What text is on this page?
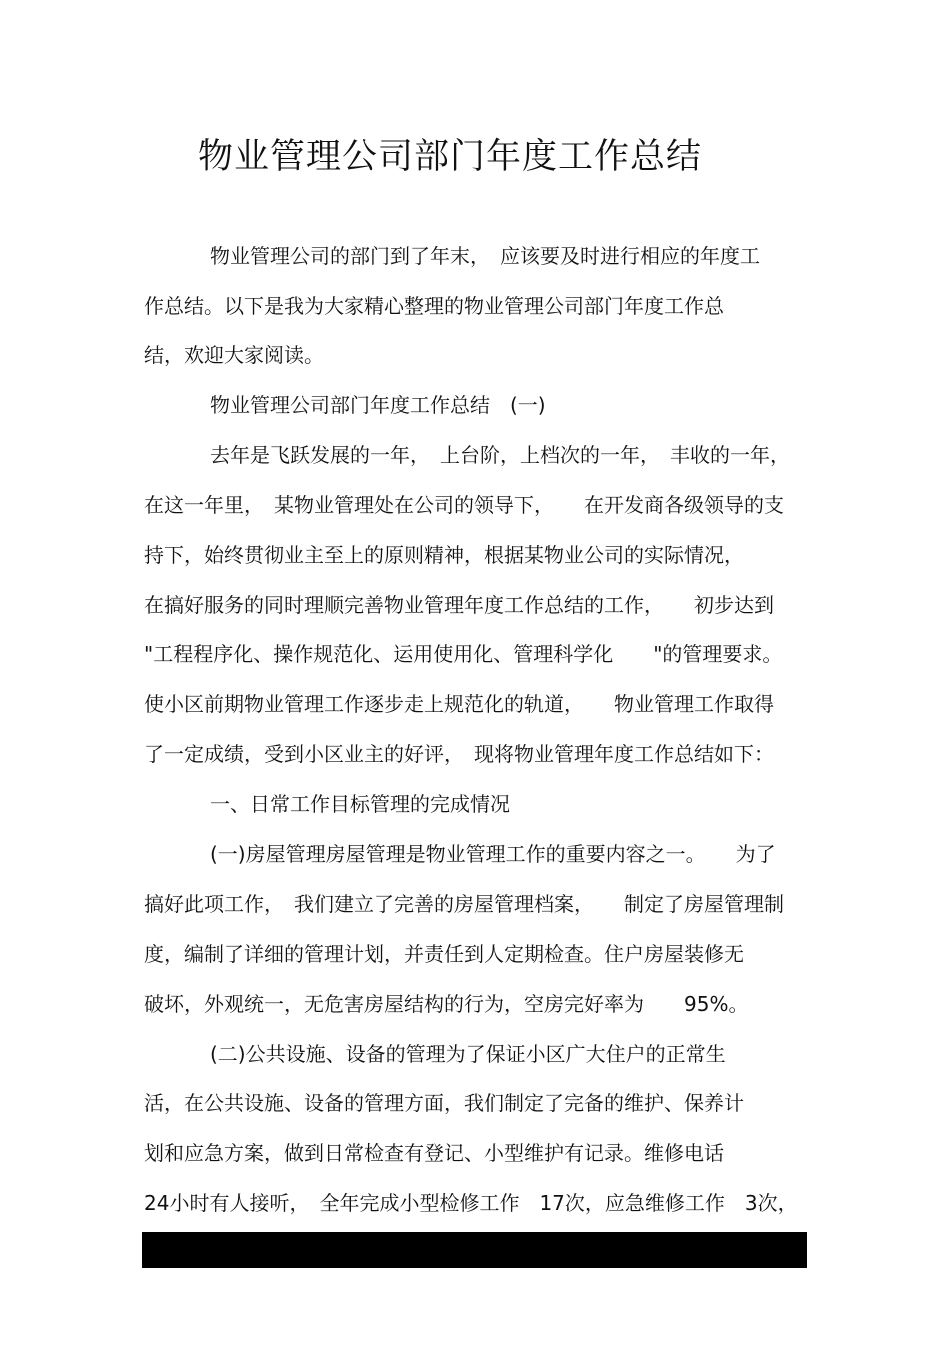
物业管理公司部门年度工作总结

物业管理公司的部门到了年末，　应该要及时进行相应的年度工

作总结。以下是我为大家精心整理的物业管理公司部门年度工作总

结，欢迎大家阅读。

物业管理公司部门年度工作总结　(一)

去年是飞跃发展的一年，　上台阶，上档次的一年，　丰收的一年，

在这一年里，　某物业管理处在公司的领导下，　　在开发商各级领导的支

持下，始终贯彻业主至上的原则精神，根据某物业公司的实际情况，

在搞好服务的同时理顺完善物业管理年度工作总结的工作，　　初步达到

"工程程序化、操作规范化、运用使用化、管理科学化　　"的管理要求。

使小区前期物业管理工作逐步走上规范化的轨道，　　物业管理工作取得

了一定成绩，受到小区业主的好评，　现将物业管理年度工作总结如下：

一、日常工作目标管理的完成情况

(一)房屋管理房屋管理是物业管理工作的重要内容之一。　　为了

搞好此项工作，　我们建立了完善的房屋管理档案，　　制定了房屋管理制

度，编制了详细的管理计划，并责任到人定期检查。住户房屋装修无

破坏，外观统一，无危害房屋结构的行为，空房完好率为　　95%。

(二)公共设施、设备的管理为了保证小区广大住户的正常生

活，在公共设施、设备的管理方面，我们制定了完备的维护、保养计

划和应急方案，做到日常检查有登记、小型维护有记录。维修电话

24小时有人接听，　全年完成小型检修工作　17次，应急维修工作　3次，
